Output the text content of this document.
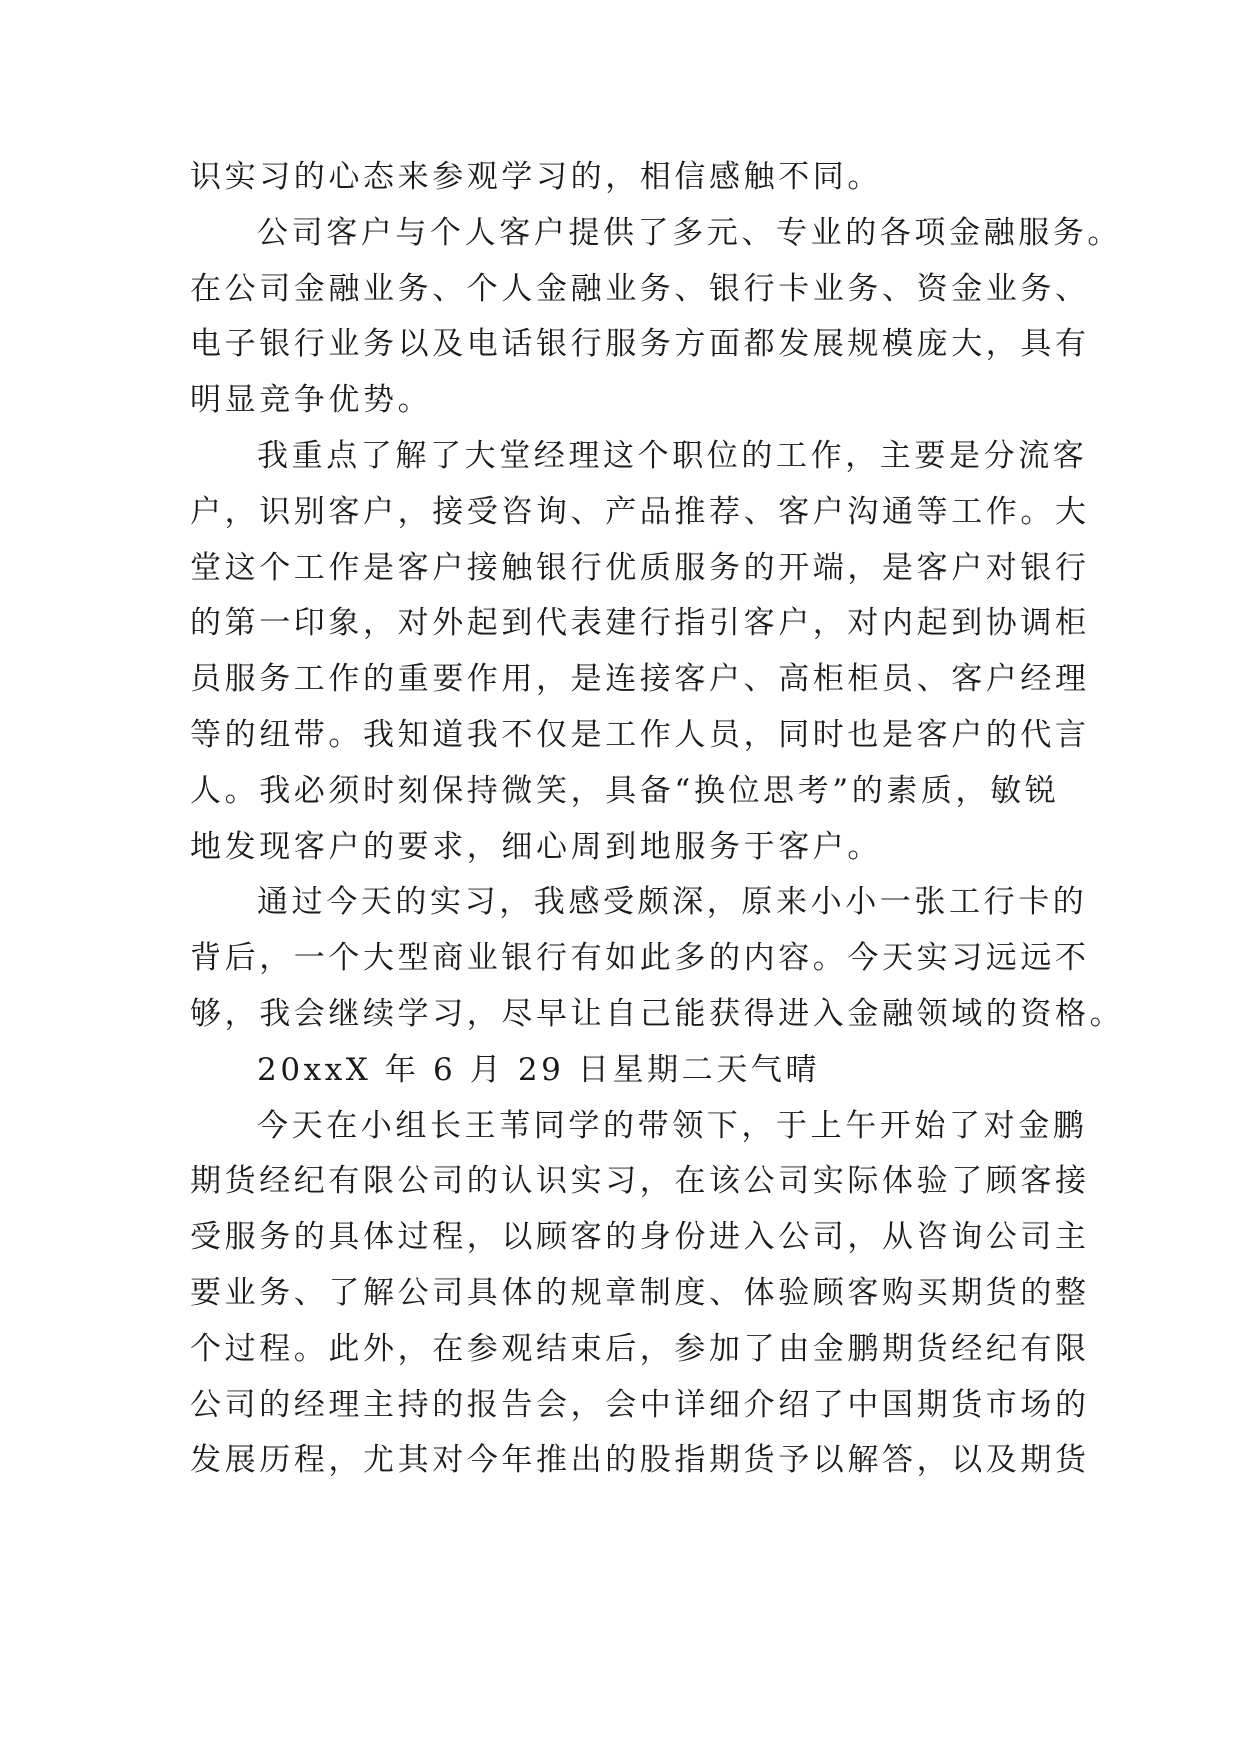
识实习的心态来参观学习的，相信感触不同。
公司客户与个人客户提供了多元、专业的各项金融服务。
在公司金融业务、个人金融业务、银行卡业务、资金业务、
电子银行业务以及电话银行服务方面都发展规模庞大，具有
明显竞争优势。
我重点了解了大堂经理这个职位的工作，主要是分流客
户，识别客户，接受咨询、产品推荐、客户沟通等工作。大
堂这个工作是客户接触银行优质服务的开端，是客户对银行
的第一印象，对外起到代表建行指引客户，对内起到协调柜
员服务工作的重要作用，是连接客户、高柜柜员、客户经理
等的纽带。我知道我不仅是工作人员，同时也是客户的代言
人。我必须时刻保持微笑，具备“换位思考”的素质，敏锐
地发现客户的要求，细心周到地服务于客户。
通过今天的实习，我感受颇深，原来小小一张工行卡的
背后，一个大型商业银行有如此多的内容。今天实习远远不
够，我会继续学习，尽早让自己能获得进入金融领域的资格。
20xxX 年 6 月 29 日星期二天气晴
今天在小组长王苇同学的带领下，于上午开始了对金鹏
期货经纪有限公司的认识实习，在该公司实际体验了顾客接
受服务的具体过程，以顾客的身份进入公司，从咨询公司主
要业务、了解公司具体的规章制度、体验顾客购买期货的整
个过程。此外，在参观结束后，参加了由金鹏期货经纪有限
公司的经理主持的报告会，会中详细介绍了中国期货市场的
发展历程，尤其对今年推出的股指期货予以解答，以及期货
